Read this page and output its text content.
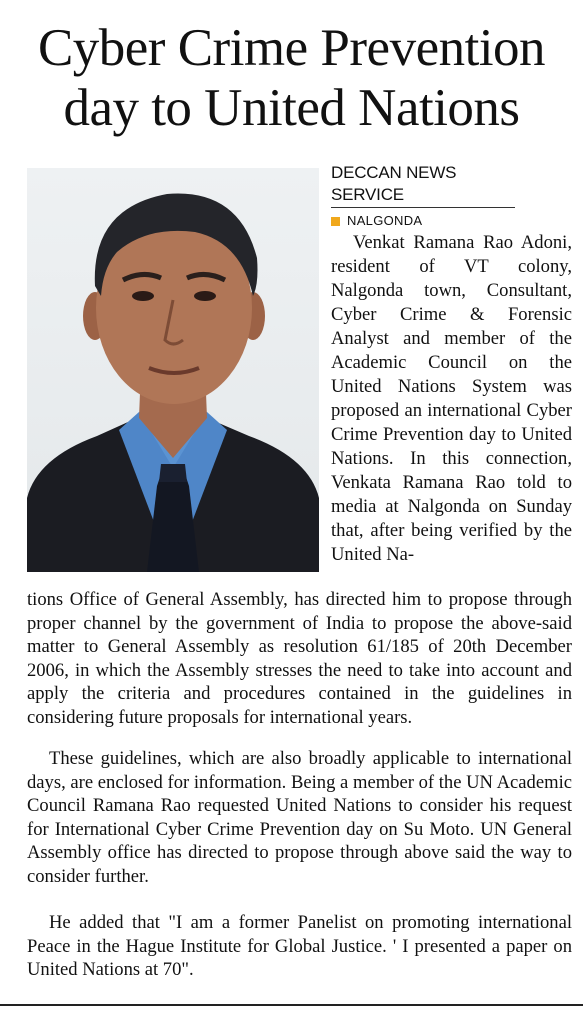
Cyber Crime Prevention
day to United Nations
DECCAN NEWS SERVICE
NALGONDA

Venkat Ramana Rao Adoni, resident of VT colony, Nalgonda town, Consultant, Cyber Crime & Forensic Analyst and member of the Academic Council on the United Nations System was proposed an international Cyber Crime Prevention day to United Nations. In this connection, Venkata Ramana Rao told to media at Nalgonda on Sunday that, after being verified by the United Na-

tions Office of General Assembly, has directed him to propose through proper channel by the government of India to propose the above-said matter to General Assembly as resolution 61/185 of 20th December 2006, in which the Assembly stresses the need to take into account and apply the criteria and procedures contained in the guidelines in considering future proposals for international years.

These guidelines, which are also broadly applicable to international days, are enclosed for information. Being a member of the UN Academic Council Ramana Rao requested United Nations to consider his request for International Cyber Crime Prevention day on Su Moto. UN General Assembly office has directed to propose through above said the way to consider further.

He added that "I am a former Panelist on promoting international Peace in the Hague Institute for Global Justice. ' I presented a paper on United Nations at 70".
